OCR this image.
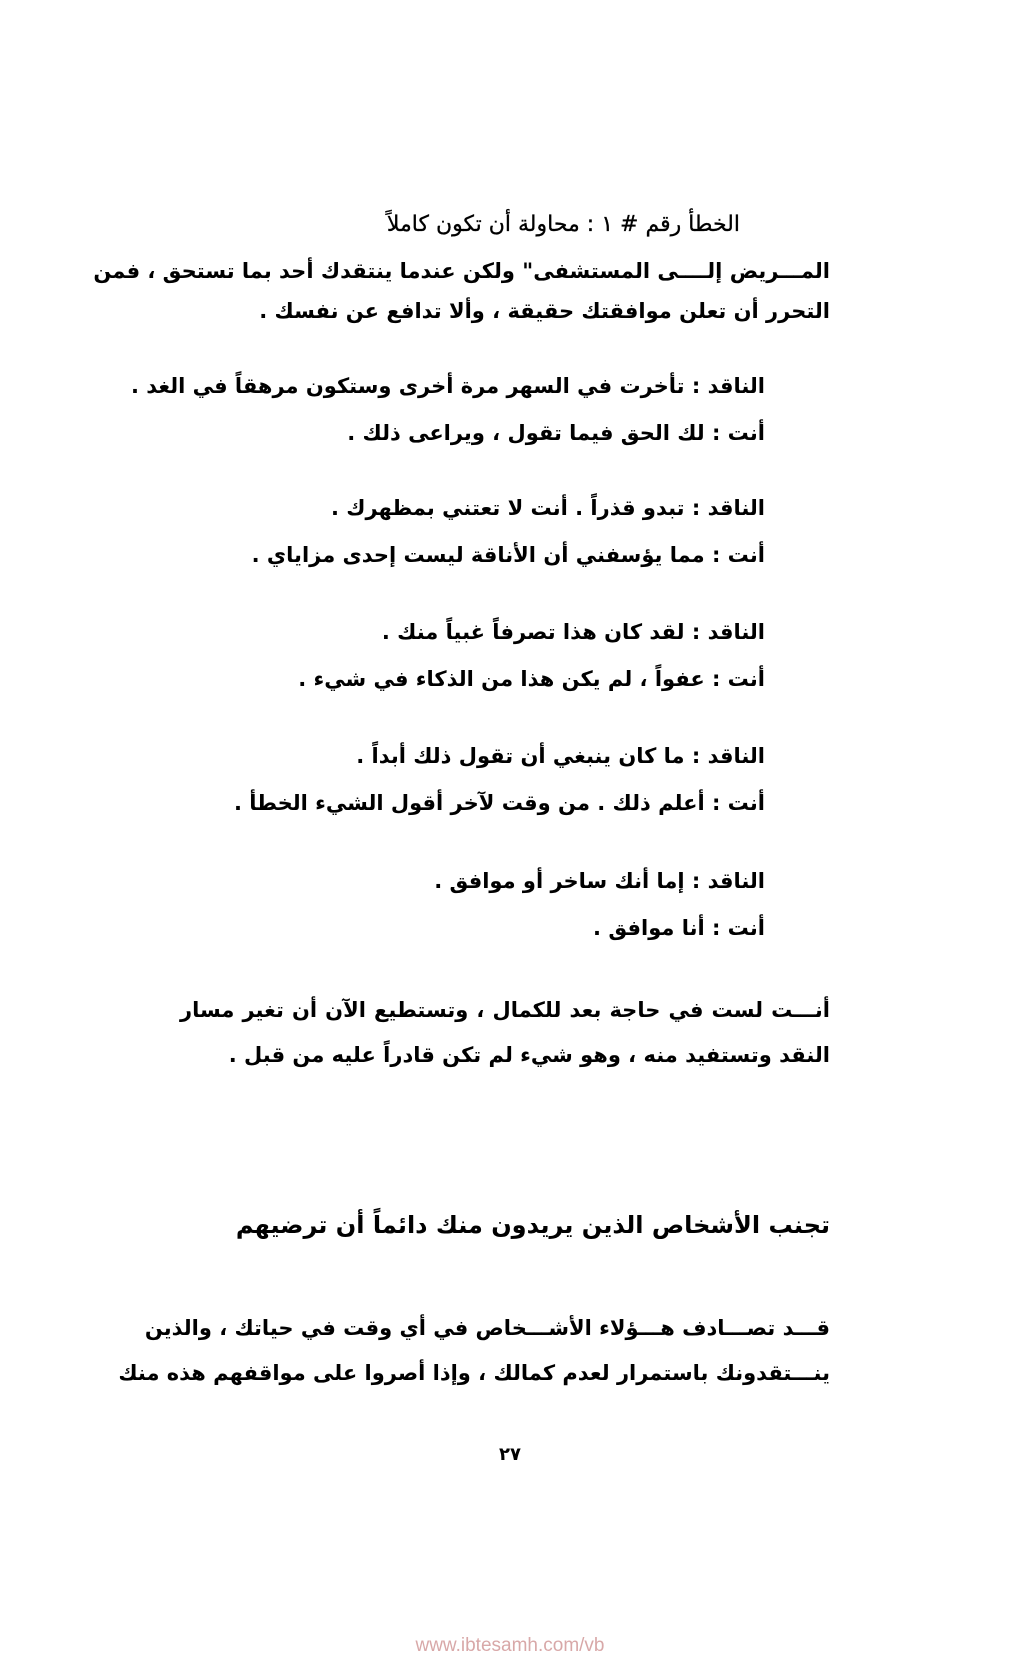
الخطأ رقم # ١ : محاولة أن تكون كاملاً
المـــريض إلــــى المستشفى" ولكن عندما ينتقدك أحد بما تستحق ، فمن
التحرر أن تعلن موافقتك حقيقة ، وألا تدافع عن نفسك .
الناقد : تأخرت في السهر مرة أخرى وستكون مرهقاً في الغد .
أنت : لك الحق فيما تقول ، ويراعى ذلك .
الناقد : تبدو قذراً . أنت لا تعتني بمظهرك .
أنت : مما يؤسفني أن الأناقة ليست إحدى مزاياي .
الناقد : لقد كان هذا تصرفاً غبياً منك .
أنت : عفواً ، لم يكن هذا من الذكاء في شيء .
الناقد : ما كان ينبغي أن تقول ذلك أبداً .
أنت : أعلم ذلك . من وقت لآخر أقول الشيء الخطأ .
الناقد : إما أنك ساخر أو موافق .
أنت : أنا موافق .
أنـــت لست في حاجة بعد للكمال ، وتستطيع الآن أن تغير مسار
النقد وتستفيد منه ، وهو شيء لم تكن قادراً عليه من قبل .
تجنب الأشخاص الذين يريدون منك دائماً أن ترضيهم
قـــد تصـــادف هـــؤلاء الأشـــخاص في أي وقت في حياتك ، والذين
ينـــتقدونك باستمرار لعدم كمالك ، وإذا أصروا على مواقفهم هذه منك
٢٧
www.ibtesamh.com/vb
